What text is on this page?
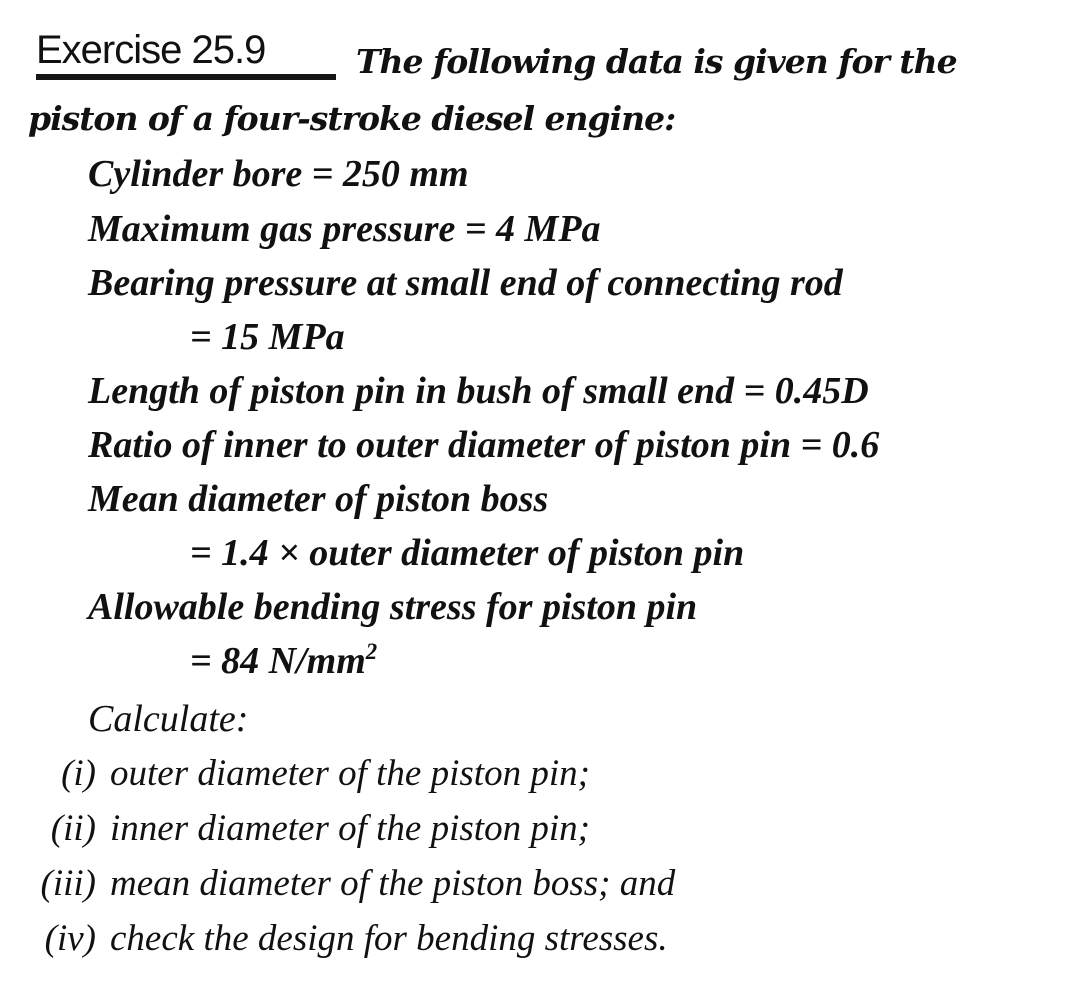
Exercise 25.9	The following data is given for the
piston of a four-stroke diesel engine:
Cylinder bore = 250 mm
Maximum gas pressure = 4 MPa
Bearing pressure at small end of connecting rod
= 15 MPa
Length of piston pin in bush of small end = 0.45D
Ratio of inner to outer diameter of piston pin = 0.6
Mean diameter of piston boss
= 1.4 × outer diameter of piston pin
Allowable bending stress for piston pin
= 84 $N/mm^2$
Calculate:
(i) outer diameter of the piston pin;
(ii) inner diameter of the piston pin;
(iii) mean diameter of the piston boss; and
(iv) check the design for bending stresses.
